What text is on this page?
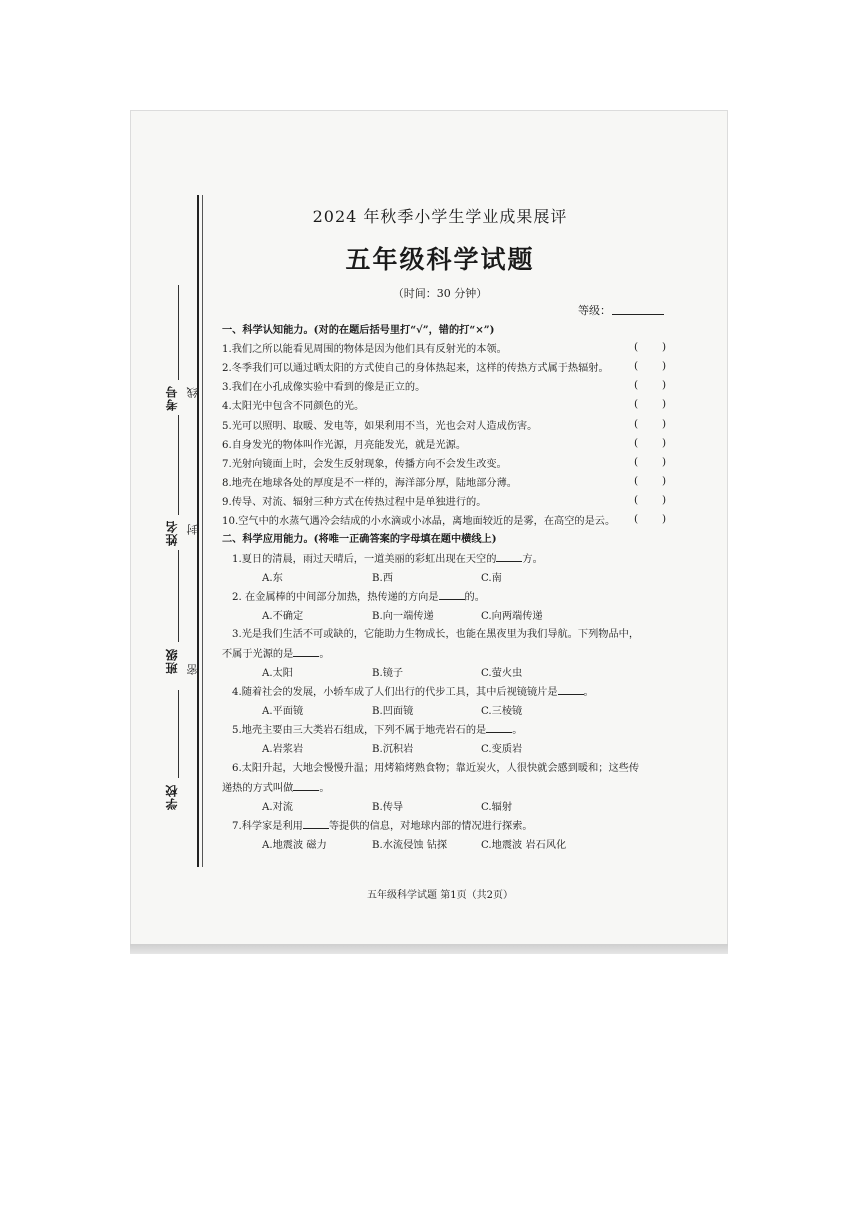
考号 线
姓名 封
班级 密
学校
2024 年秋季小学生学业成果展评
五年级科学试题
（时间：30 分钟）
等级：
一、科学认知能力。(对的在题后括号里打“√”，错的打“×”)
1.我们之所以能看见周围的物体是因为他们具有反射光的本领。	( )
2.冬季我们可以通过晒太阳的方式使自己的身体热起来，这样的传热方式属于热辐射。 ( )
3.我们在小孔成像实验中看到的像是正立的。	( )
4.太阳光中包含不同颜色的光。	( )
5.光可以照明、取暖、发电等，如果利用不当，光也会对人造成伤害。	( )
6.自身发光的物体叫作光源，月亮能发光，就是光源。	( )
7.光射向镜面上时，会发生反射现象，传播方向不会发生改变。	( )
8.地壳在地球各处的厚度是不一样的，海洋部分厚，陆地部分薄。	( )
9.传导、对流、辐射三种方式在传热过程中是单独进行的。	( )
10.空气中的水蒸气遇冷会结成的小水滴或小冰晶，离地面较近的是雾，在高空的是云。 ( )
二、科学应用能力。(将唯一正确答案的字母填在题中横线上)
1.夏日的清晨，雨过天晴后，一道美丽的彩虹出现在天空的	方。
A.东	B.西	C.南
2. 在金属棒的中间部分加热，热传递的方向是	的。
A.不确定	B.向一端传递	C.向两端传递
3.光是我们生活不可或缺的，它能助力生物成长，也能在黑夜里为我们导航。下列物品中，
不属于光源的是	。
A.太阳	B.镜子	C.萤火虫
4.随着社会的发展，小轿车成了人们出行的代步工具，其中后视镜镜片是	。
A.平面镜	B.凹面镜	C.三棱镜
5.地壳主要由三大类岩石组成，下列不属于地壳岩石的是	。
A.岩浆岩	B.沉积岩	C.变质岩
6.太阳升起，大地会慢慢升温；用烤箱烤熟食物；靠近炭火，人很快就会感到暖和；这些传
递热的方式叫做	。
A.对流	B.传导	C.辐射
7.科学家是利用	等提供的信息，对地球内部的情况进行探索。
A.地震波 磁力	B.水流侵蚀 钻探	C.地震波 岩石风化
五年级科学试题 第1页（共2页）
